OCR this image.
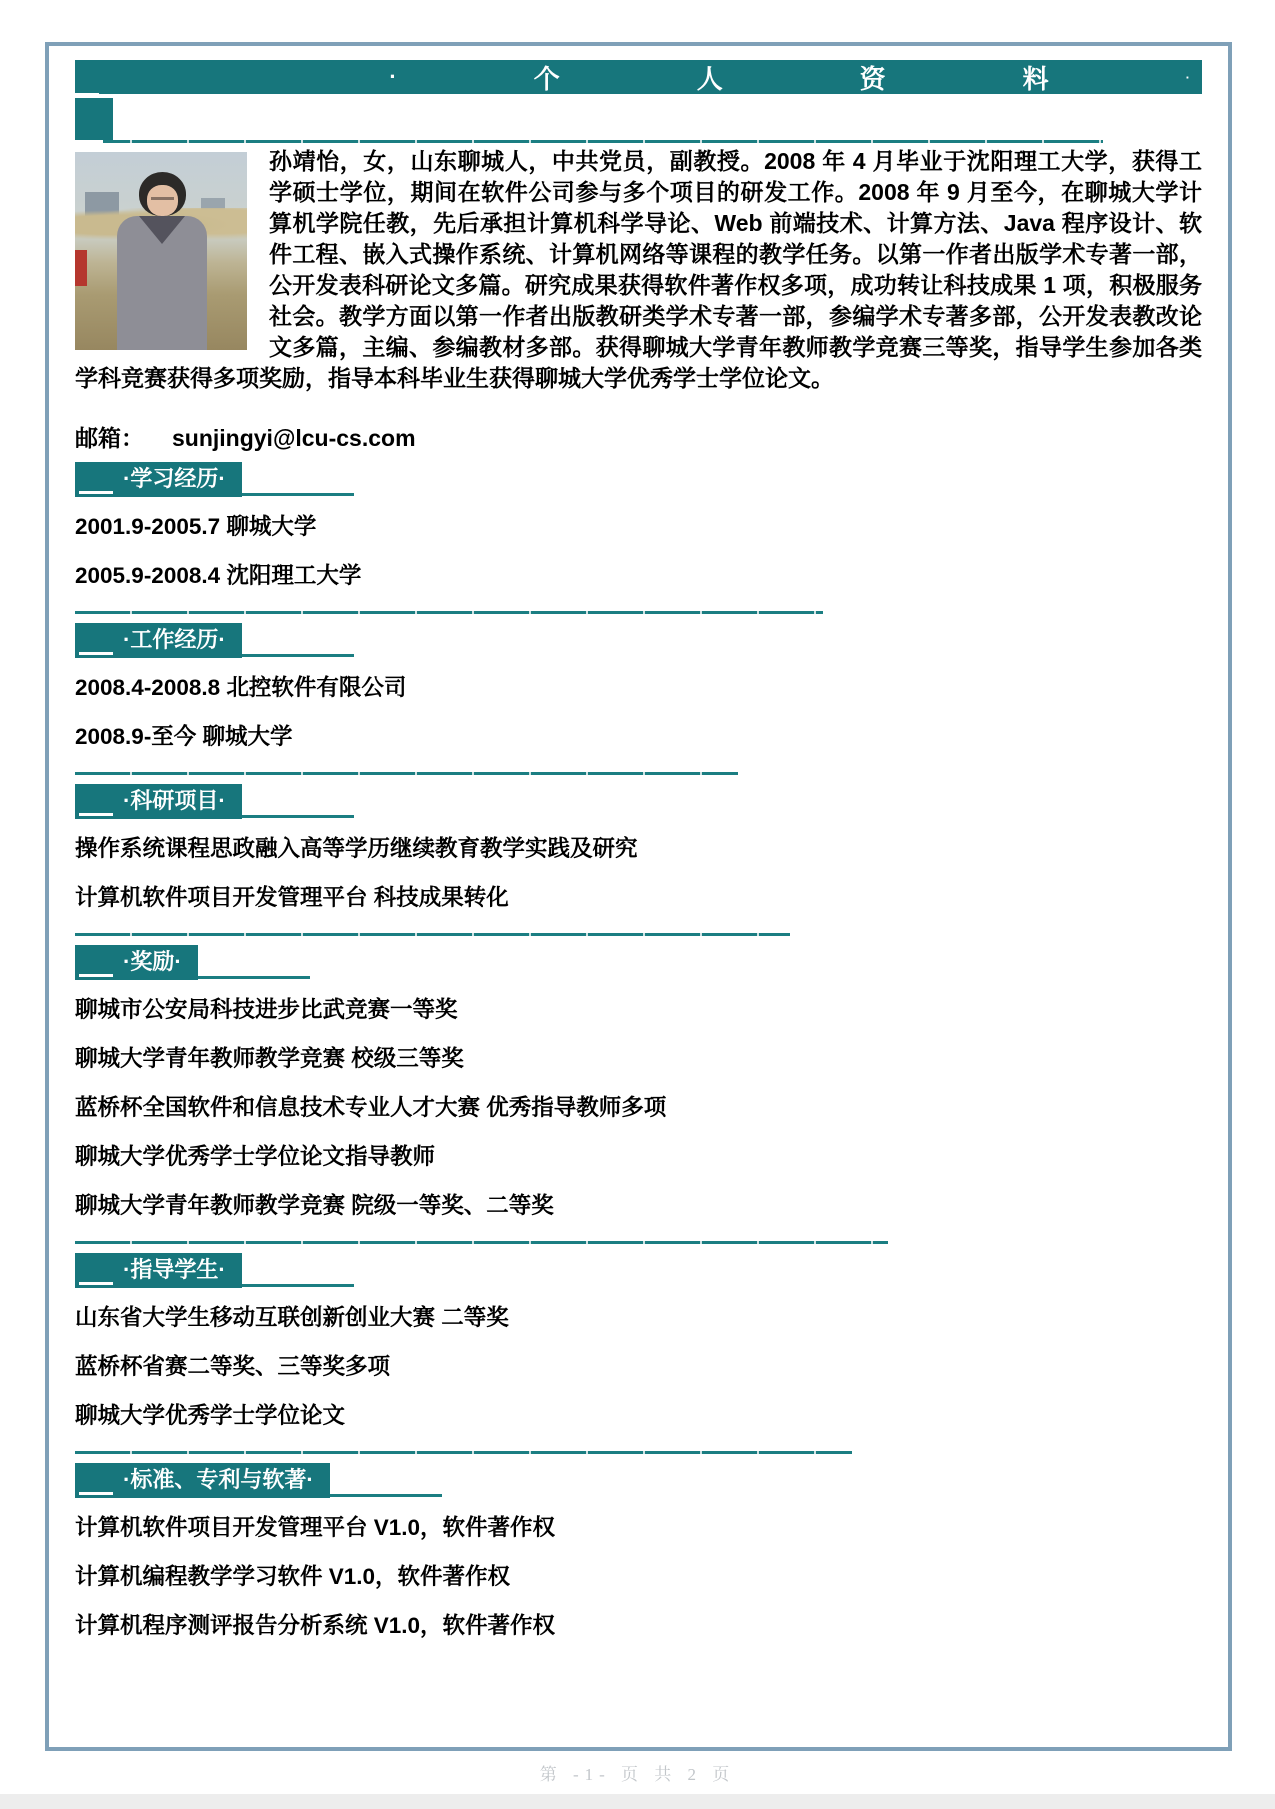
·	个	人	资	料	·
孙靖怡，女，山东聊城人，中共党员，副教授。2008 年 4 月毕业于沈阳理工大学，获得工学硕士学位，期间在软件公司参与多个项目的研发工作。2008 年 9 月至今，在聊城大学计算机学院任教，先后承担计算机科学导论、Web 前端技术、计算方法、Java 程序设计、软件工程、嵌入式操作系统、计算机网络等课程的教学任务。以第一作者出版学术专著一部，公开发表科研论文多篇。研究成果获得软件著作权多项，成功转让科技成果 1 项，积极服务社会。教学方面以第一作者出版教研类学术专著一部，参编学术专著多部，公开发表教改论文多篇，主编、参编教材多部。获得聊城大学青年教师教学竞赛三等奖，指导学生参加各类学科竞赛获得多项奖励，指导本科毕业生获得聊城大学优秀学士学位论文。
邮箱： sunjingyi@lcu-cs.com
·学习经历·

2001.9-2005.7 聊城大学

2005.9-2008.4 沈阳理工大学

·工作经历·

2008.4-2008.8 北控软件有限公司

2008.9-至今 聊城大学

·科研项目·

操作系统课程思政融入高等学历继续教育教学实践及研究

计算机软件项目开发管理平台 科技成果转化

·奖励·

聊城市公安局科技进步比武竞赛一等奖

聊城大学青年教师教学竞赛 校级三等奖

蓝桥杯全国软件和信息技术专业人才大赛 优秀指导教师多项

聊城大学优秀学士学位论文指导教师

聊城大学青年教师教学竞赛 院级一等奖、二等奖

·指导学生·

山东省大学生移动互联创新创业大赛 二等奖

蓝桥杯省赛二等奖、三等奖多项

聊城大学优秀学士学位论文

·标准、专利与软著·

计算机软件项目开发管理平台 V1.0，软件著作权

计算机编程教学学习软件 V1.0，软件著作权

计算机程序测评报告分析系统 V1.0，软件著作权

第 -1- 页 共 2 页
